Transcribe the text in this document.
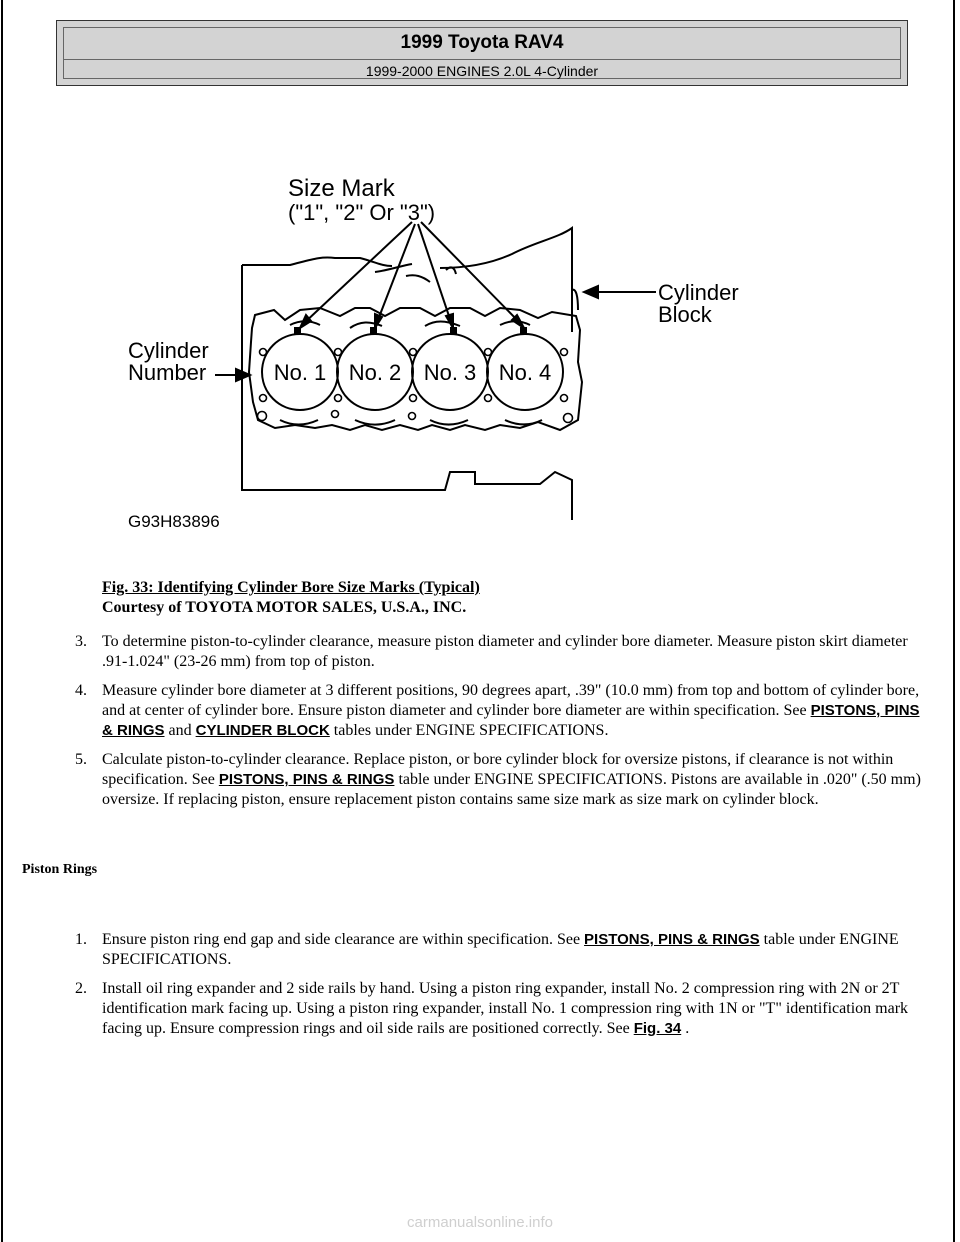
1999 Toyota RAV4
1999-2000 ENGINES 2.0L 4-Cylinder
Size Mark
("1", "2" Or "3")
Cylinder
Block
Cylinder
Number	No. 1 No. 2 No. 3 No. 4
G93H83896
Fig. 33: Identifying Cylinder Bore Size Marks (Typical)
Courtesy of TOYOTA MOTOR SALES, U.S.A., INC.
3. To determine piston-to-cylinder clearance, measure piston diameter and cylinder bore diameter. Measure piston skirt diameter .91-1.024" (23-26 mm) from top of piston.
4. Measure cylinder bore diameter at 3 different positions, 90 degrees apart, .39" (10.0 mm) from top and bottom of cylinder bore, and at center of cylinder bore. Ensure piston diameter and cylinder bore diameter are within specification. See PISTONS, PINS & RINGS and CYLINDER BLOCK tables under ENGINE SPECIFICATIONS.
5. Calculate piston-to-cylinder clearance. Replace piston, or bore cylinder block for oversize pistons, if clearance is not within specification. See PISTONS, PINS & RINGS table under ENGINE SPECIFICATIONS. Pistons are available in .020" (.50 mm) oversize. If replacing piston, ensure replacement piston contains same size mark as size mark on cylinder block.
Piston Rings
1. Ensure piston ring end gap and side clearance are within specification. See PISTONS, PINS & RINGS table under ENGINE SPECIFICATIONS.
2. Install oil ring expander and 2 side rails by hand. Using a piston ring expander, install No. 2 compression ring with 2N or 2T identification mark facing up. Using a piston ring expander, install No. 1 compression ring with 1N or "T" identification mark facing up. Ensure compression rings and oil side rails are positioned correctly. See Fig. 34 .
carmanualsonline.info
